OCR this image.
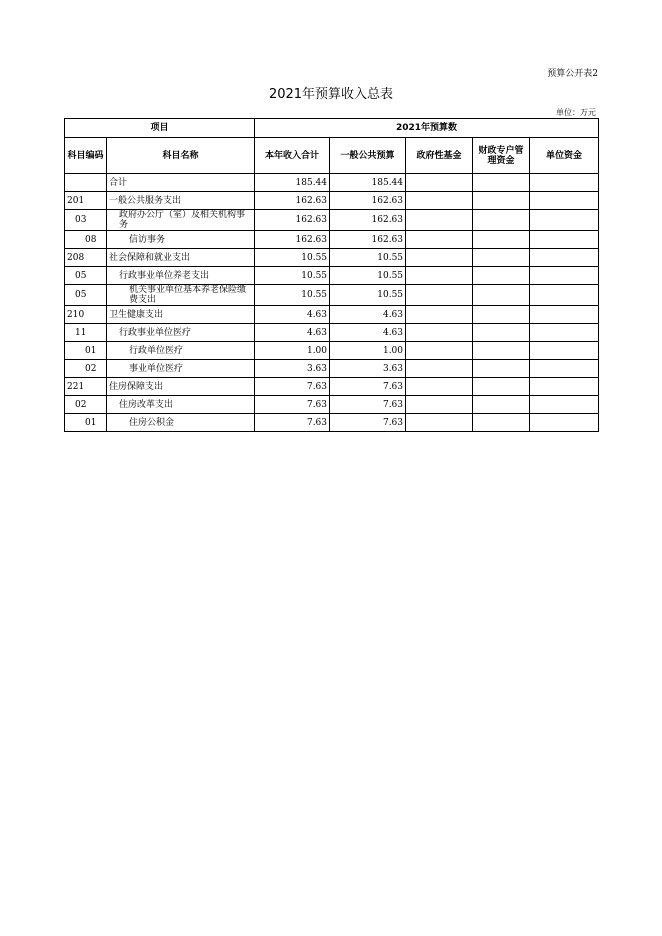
预算公开表2
2021年预算收入总表
单位：万元
项目		2021年预算数				
科目编码	科目名称	本年收入合计	一般公共预算	政府性基金	财政专户管理资金	单位资金
	合计	185.44	185.44			
201	一般公共服务支出	162.63	162.63			
03	政府办公厅（室）及相关机构事务	162.63	162.63			
08	信访事务	162.63	162.63			
208	社会保障和就业支出	10.55	10.55			
05	行政事业单位养老支出	10.55	10.55			
05	机关事业单位基本养老保险缴费支出	10.55	10.55			
210	卫生健康支出	4.63	4.63			
11	行政事业单位医疗	4.63	4.63			
01	行政单位医疗	1.00	1.00			
02	事业单位医疗	3.63	3.63			
221	住房保障支出	7.63	7.63			
02	住房改革支出	7.63	7.63			
01	住房公积金	7.63	7.63			
